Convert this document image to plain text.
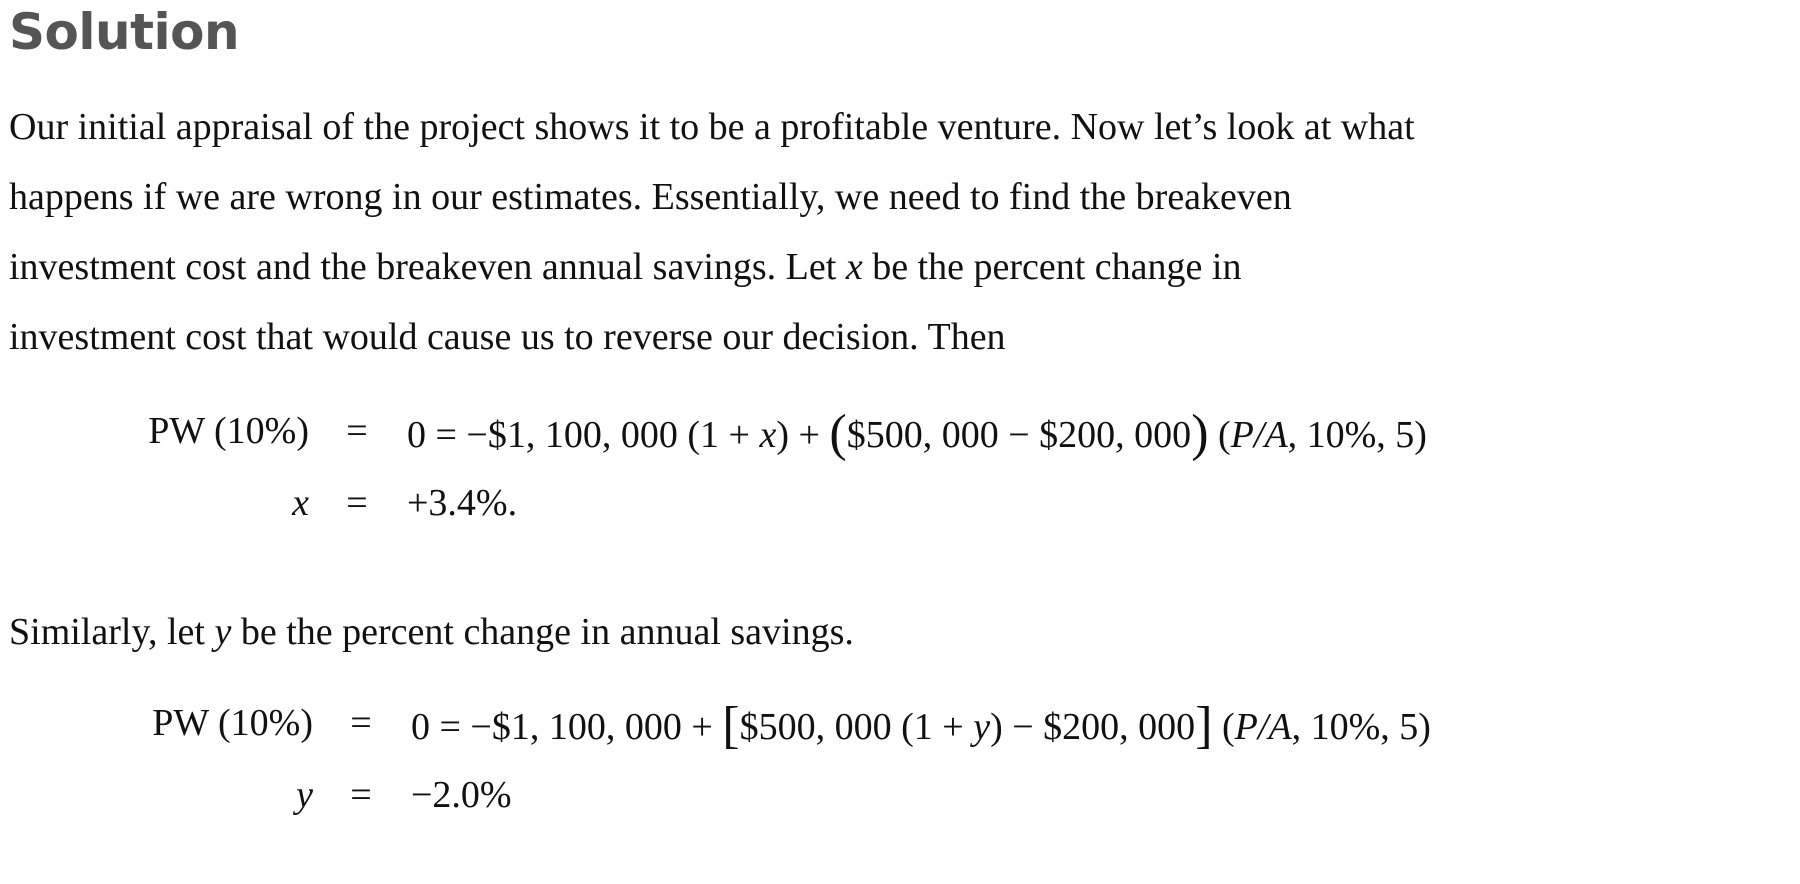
Solution

Our initial appraisal of the project shows it to be a profitable venture. Now let’s look at what
happens if we are wrong in our estimates. Essentially, we need to find the breakeven
investment cost and the breakeven annual savings. Let x be the percent change in
investment cost that would cause us to reverse our decision. Then

PW (10%) = 0 = −$1, 100, 000 (1 + x) + ($500, 000 − $200, 000) (P/A, 10%, 5)
x = +3.4%.

Similarly, let y be the percent change in annual savings.

PW (10%) = 0 = −$1, 100, 000 + [$500, 000 (1 + y) − $200, 000] (P/A, 10%, 5)
y = −2.0%
